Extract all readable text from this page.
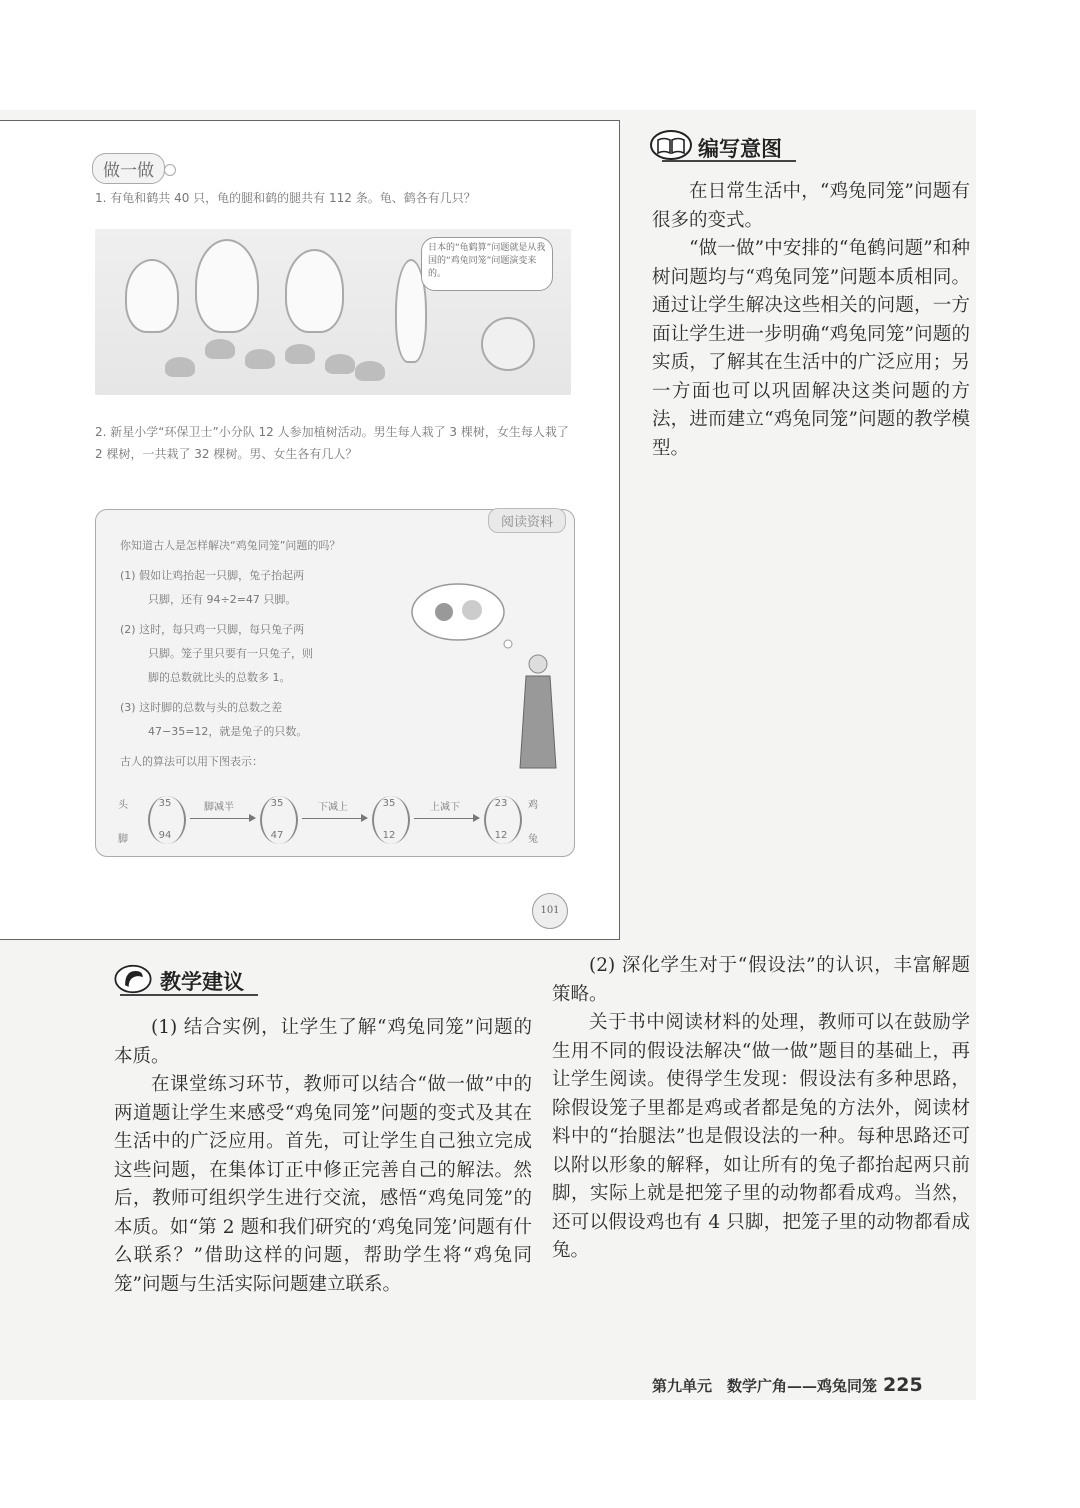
做一做
1. 有龟和鹤共 40 只，龟的腿和鹤的腿共有 112 条。龟、鹤各有几只？
日本的“龟鹤算”问题就是从我国的“鸡兔同笼”问题演变来的。
2. 新星小学“环保卫士”小分队 12 人参加植树活动。男生每人栽了 3 棵树，女生每人栽了 2 棵树，一共栽了 32 棵树。男、女生各有几人？
阅读资料
你知道古人是怎样解决“鸡兔同笼”问题的吗？
(1) 假如让鸡抬起一只脚，兔子抬起两
只脚，还有 94÷2=47 只脚。
(2) 这时，每只鸡一只脚，每只兔子两
只脚。笼子里只要有一只兔子，则
脚的总数就比头的总数多 1。
(3) 这时脚的总数与头的总数之差
47−35=12，就是兔子的只数。
古人的算法可以用下图表示：
头
脚
35
94
脚减半	35
47
下减上	35
12
上减下	23
12
鸡
兔
101
编写意图

在日常生活中，“鸡兔同笼”问题有很多的变式。

“做一做”中安排的“龟鹤问题”和种树问题均与“鸡兔同笼”问题本质相同。通过让学生解决这些相关的问题，一方面让学生进一步明确“鸡兔同笼”问题的实质，了解其在生活中的广泛应用；另一方面也可以巩固解决这类问题的方法，进而建立“鸡兔同笼”问题的教学模型。

教学建议

(1) 结合实例，让学生了解“鸡兔同笼”问题的本质。

在课堂练习环节，教师可以结合“做一做”中的两道题让学生来感受“鸡兔同笼”问题的变式及其在生活中的广泛应用。首先，可让学生自己独立完成这些问题，在集体订正中修正完善自己的解法。然后，教师可组织学生进行交流，感悟“鸡兔同笼”的本质。如“第 2 题和我们研究的‘鸡兔同笼’问题有什么联系？”借助这样的问题，帮助学生将“鸡兔同笼”问题与生活实际问题建立联系。

(2) 深化学生对于“假设法”的认识，丰富解题策略。

关于书中阅读材料的处理，教师可以在鼓励学生用不同的假设法解决“做一做”题目的基础上，再让学生阅读。使得学生发现：假设法有多种思路，除假设笼子里都是鸡或者都是兔的方法外，阅读材料中的“抬腿法”也是假设法的一种。每种思路还可以附以形象的解释，如让所有的兔子都抬起两只前脚，实际上就是把笼子里的动物都看成鸡。当然，还可以假设鸡也有 4 只脚，把笼子里的动物都看成兔。

第九单元　数学广角——鸡兔同笼 225
